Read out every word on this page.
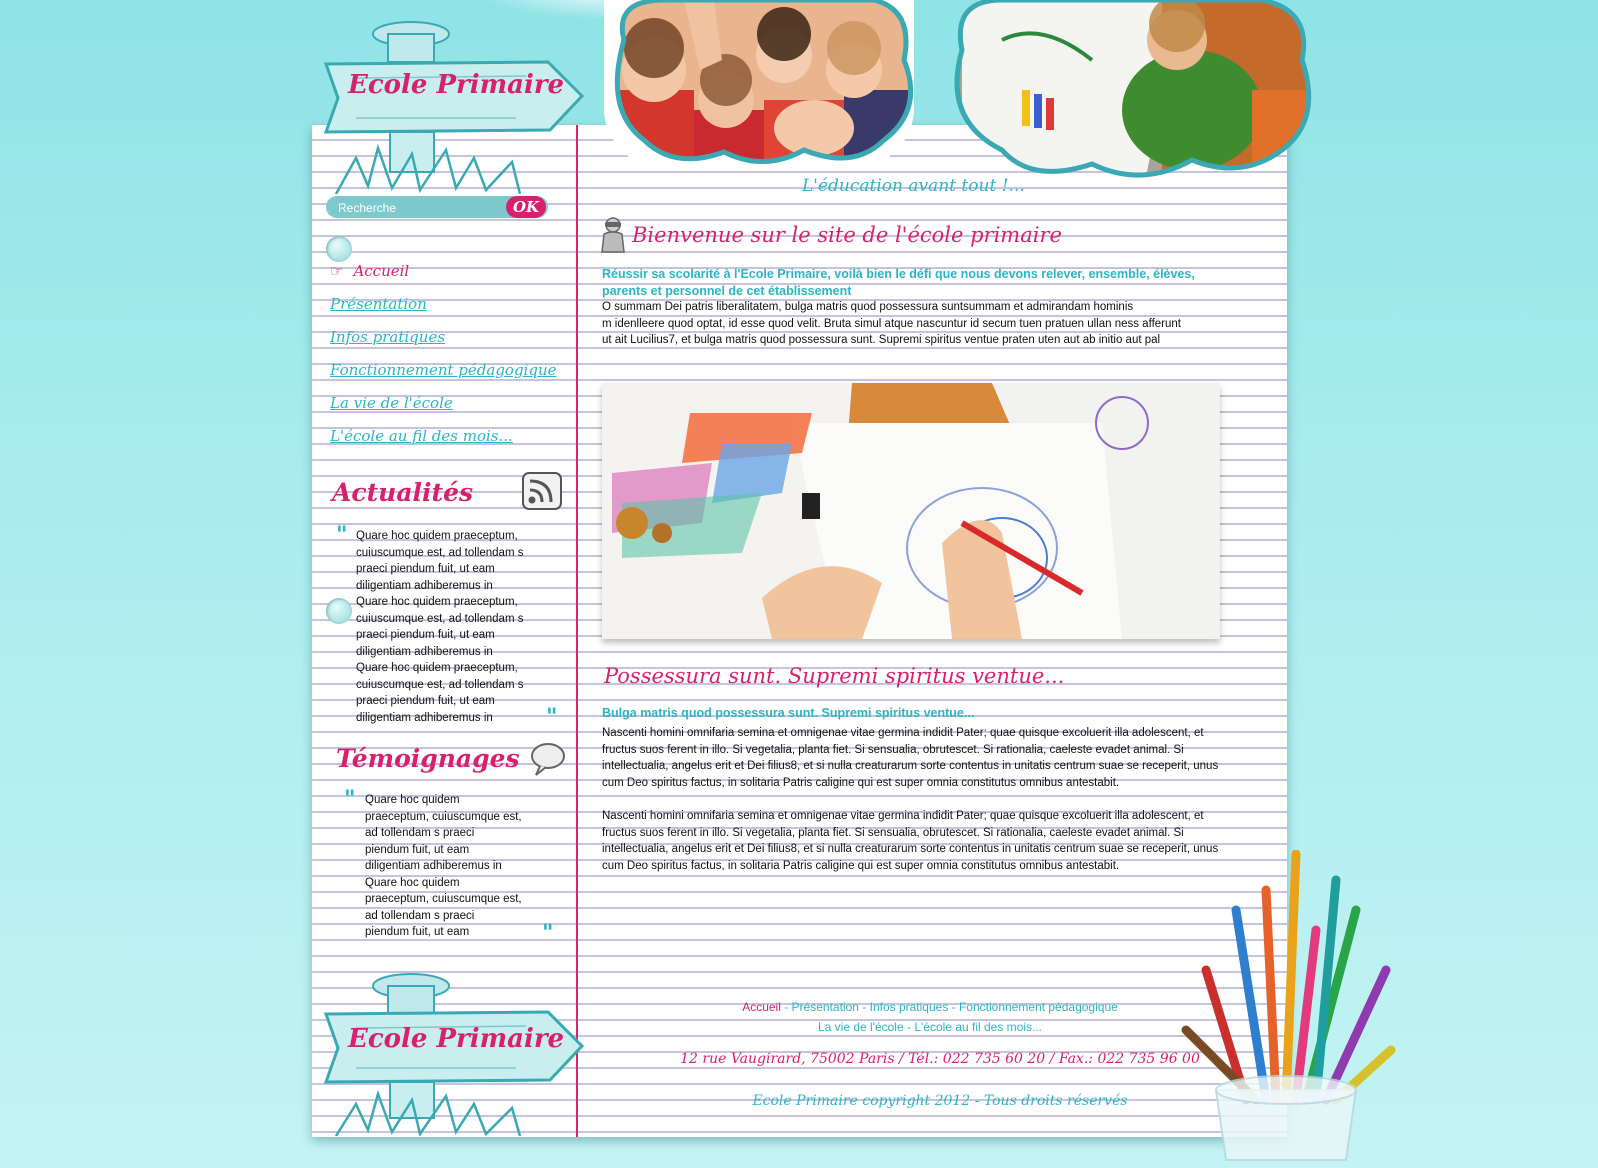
Ecole Primaire
L'éducation avant tout !...
Recherche
OK
☞ Accueil
Présentation
Infos pratiques
Fonctionnement pédagogique
La vie de l'école
L'école au fil des mois...
Actualités
" Quare hoc quidem praeceptum,
cuiuscumque est, ad tollendam s
praeci piendum fuit, ut eam
diligentiam adhiberemus in
Quare hoc quidem praeceptum,
cuiuscumque est, ad tollendam s
praeci piendum fuit, ut eam
diligentiam adhiberemus in
Quare hoc quidem praeceptum,
cuiuscumque est, ad tollendam s
praeci piendum fuit, ut eam
diligentiam adhiberemus in	"
Témoignages
" Quare hoc quidem
praeceptum, cuiuscumque est,
ad tollendam s praeci
piendum fuit, ut eam
diligentiam adhiberemus in
Quare hoc quidem
praeceptum, cuiuscumque est,
ad tollendam s praeci
piendum fuit, ut eam	"
Bienvenue sur le site de l'école primaire
Réussir sa scolarité à l'Ecole Primaire, voilà bien le défi que nous devons relever, ensemble, élèves, parents et personnel de cet établissement
O summam Dei patris liberalitatem, bulga matris quod possessura suntsummam et admirandam hominis
m idenlleere quod optat, id esse quod velit. Bruta simul atque nascuntur id secum tuen pratuen ullan ness afferunt
ut ait Lucilius7, et bulga matris quod possessura sunt. Supremi spiritus ventue praten uten aut ab initio aut pal
Possessura sunt. Supremi spiritus ventue...
Bulga matris quod possessura sunt. Supremi spiritus ventue...
Nascenti homini omnifaria semina et omnigenae vitae germina indidit Pater; quae quisque excoluerit illa adolescent, et
fructus suos ferent in illo. Si vegetalia, planta fiet. Si sensualia, obrutescet. Si rationalia, caeleste evadet animal. Si
intellectualia, angelus erit et Dei filius8, et si nulla creaturarum sorte contentus in unitatis centrum suae se receperit, unus
cum Deo spiritus factus, in solitaria Patris caligine qui est super omnia constitutus omnibus antestabit.
Nascenti homini omnifaria semina et omnigenae vitae germina indidit Pater; quae quisque excoluerit illa adolescent, et
fructus suos ferent in illo. Si vegetalia, planta fiet. Si sensualia, obrutescet. Si rationalia, caeleste evadet animal. Si
intellectualia, angelus erit et Dei filius8, et si nulla creaturarum sorte contentus in unitatis centrum suae se receperit, unus
cum Deo spiritus factus, in solitaria Patris caligine qui est super omnia constitutus omnibus antestabit.
Ecole Primaire
Accueil - Présentation - Infos pratiques - Fonctionnement pédagogique
La vie de l'école - L'école au fil des mois...
12 rue Vaugirard, 75002 Paris / Tél.: 022 735 60 20 / Fax.: 022 735 96 00
Ecole Primaire copyright 2012 - Tous droits réservés
